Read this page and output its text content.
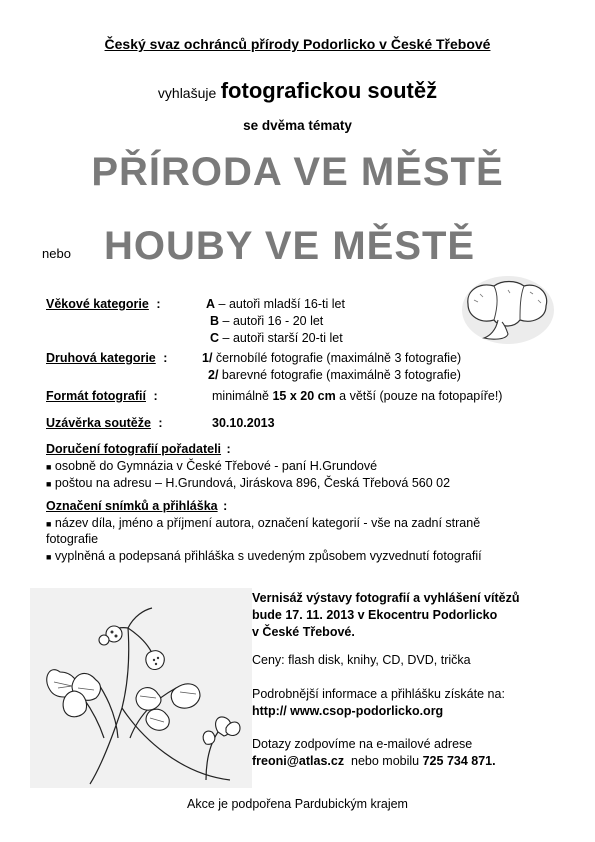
Český svaz ochránců přírody Podorlicko v České Třebové
vyhlašuje fotografickou soutěž
se dvěma tématy
PŘÍRODA VE MĚSTĚ
nebo HOUBY VE MĚSTĚ
Věkové kategorie :	A – autoři mladší 16-ti let
B – autoři 16 - 20 let
C – autoři starší 20-ti let
Druhová kategorie :	1/ černobílé fotografie (maximálně 3 fotografie)
2/ barevné fotografie (maximálně 3 fotografie)
Formát fotografií :	minimálně 15 x 20 cm a větší (pouze na fotopapíře!)
Uzávěrka soutěže :	30.10.2013
Doručení fotografií pořadateli :
■ osobně do Gymnázia v České Třebové - paní H.Grundové
■ poštou na adresu – H.Grundová, Jiráskova 896, Česká Třebová 560 02
Označení snímků a přihláška :
■ název díla, jméno a příjmení autora, označení kategorií - vše na zadní straně
fotografie
■ vyplněná a podepsaná přihláška s uvedeným způsobem vyzvednutí fotografií
Vernisáž výstavy fotografií a vyhlášení vítězů
bude 17. 11. 2013 v Ekocentru Podorlicko
v České Třebové.
Ceny: flash disk, knihy, CD, DVD, trička
Podrobnější informace a přihlášku získáte na:
http:// www.csop-podorlicko.org
Dotazy zodpovíme na e-mailové adrese
freoni@atlas.cz  nebo mobilu 725 734 871.
Akce je podpořena Pardubickým krajem
